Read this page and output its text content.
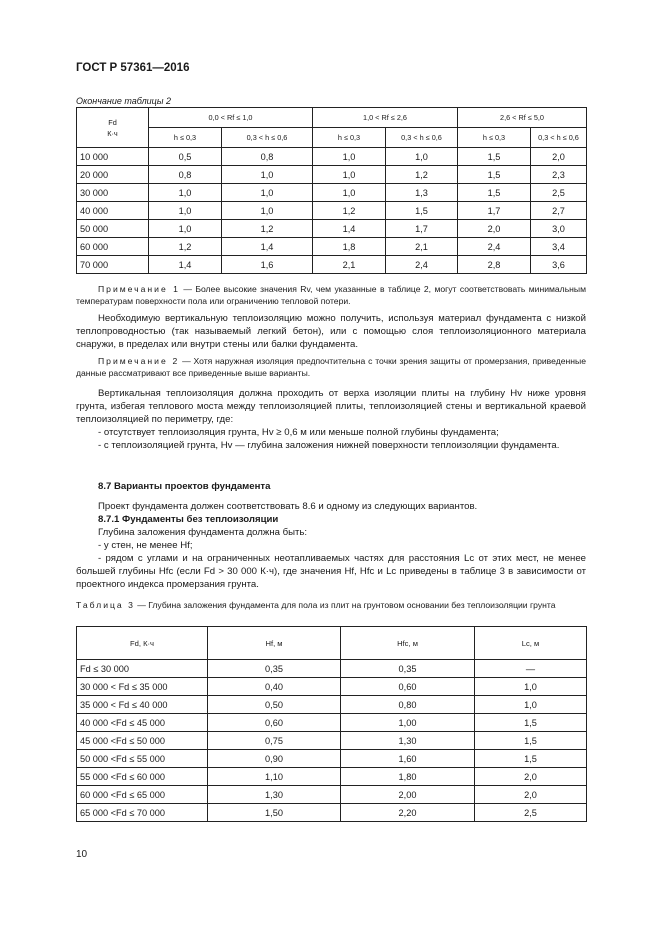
ГОСТ Р 57361—2016
Окончание таблицы 2
Fd
К·ч	0,0 < Rf ≤ 1,0		1,0 < Rf ≤ 2,6		2,6 < Rf ≤ 5,0	
	h ≤ 0,3	0,3 < h ≤ 0,6	h ≤ 0,3	0,3 < h ≤ 0,6	h ≤ 0,3	0,3 < h ≤ 0,6
10 000	0,5	0,8	1,0	1,0	1,5	2,0
20 000	0,8	1,0	1,0	1,2	1,5	2,3
30 000	1,0	1,0	1,0	1,3	1,5	2,5
40 000	1,0	1,0	1,2	1,5	1,7	2,7
50 000	1,0	1,2	1,4	1,7	2,0	3,0
60 000	1,2	1,4	1,8	2,1	2,4	3,4
70 000	1,4	1,6	2,1	2,4	2,8	3,6

Примечание 1 — Более высокие значения Rv, чем указанные в таблице 2, могут соответствовать минимальным температурам поверхности пола или ограничению тепловой потери.

Необходимую вертикальную теплоизоляцию можно получить, используя материал фундамента с низкой теплопроводностью (так называемый легкий бетон), или с помощью слоя теплоизоляционного материала снаружи, в пределах или внутри стены или балки фундамента.

Примечание 2 — Хотя наружная изоляция предпочтительна с точки зрения защиты от промерзания, приведенные данные рассматривают все приведенные выше варианты.

Вертикальная теплоизоляция должна проходить от верха изоляции плиты на глубину Hv ниже уровня грунта, избегая теплового моста между теплоизоляцией плиты, теплоизоляцией стены и вертикальной краевой теплоизоляцией по периметру, где:

- отсутствует теплоизоляция грунта, Hv ≥ 0,6 м или меньше полной глубины фундамента;

- с теплоизоляцией грунта, Hv — глубина заложения нижней поверхности теплоизоляции фундамента.

8.7 Варианты проектов фундамента

Проект фундамента должен соответствовать 8.6 и одному из следующих вариантов.

8.7.1 Фундаменты без теплоизоляции

Глубина заложения фундамента должна быть:

- у стен, не менее Hf;

- рядом с углами и на ограниченных неотапливаемых частях для расстояния Lc от этих мест, не менее большей глубины Hfc (если Fd > 30 000 К·ч), где значения Hf, Hfc и Lc приведены в таблице 3 в зависимости от проектного индекса промерзания грунта.

Таблица 3 — Глубина заложения фундамента для пола из плит на грунтовом основании без теплоизоляции грунта

Fd, К·ч	Hf, м	Hfc, м	Lc, м
Fd ≤ 30 000	0,35	0,35	—
30 000 < Fd ≤ 35 000	0,40	0,60	1,0
35 000 < Fd ≤ 40 000	0,50	0,80	1,0
40 000 <Fd ≤ 45 000	0,60	1,00	1,5
45 000 <Fd ≤ 50 000	0,75	1,30	1,5
50 000 <Fd ≤ 55 000	0,90	1,60	1,5
55 000 <Fd ≤ 60 000	1,10	1,80	2,0
60 000 <Fd ≤ 65 000	1,30	2,00	2,0
65 000 <Fd ≤ 70 000	1,50	2,20	2,5
10
